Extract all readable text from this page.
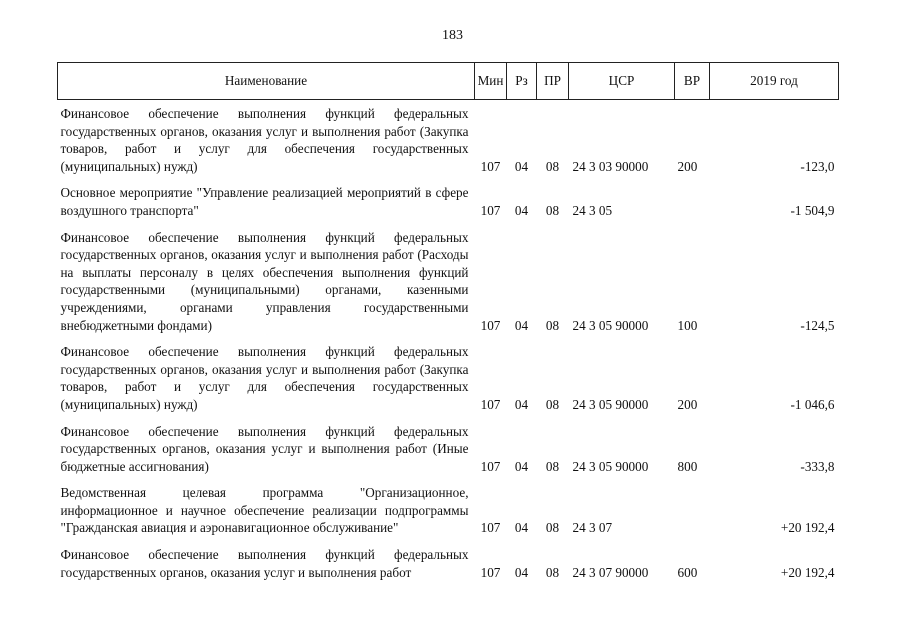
183
Наименование	Мин	Рз	ПР	ЦСР	ВР	2019 год
Финансовое обеспечение выполнения функций федеральных государственных органов, оказания услуг и выполнения работ (Закупка товаров, работ и услуг для обеспечения государственных (муниципальных) нужд)	107	04	08	24 3 03 90000	200	-123,0
Основное мероприятие "Управление реализацией мероприятий в сфере воздушного транспорта"	107	04	08	24 3 05		-1 504,9
Финансовое обеспечение выполнения функций федеральных государственных органов, оказания услуг и выполнения работ (Расходы на выплаты персоналу в целях обеспечения выполнения функций государственными (муниципальными) органами, казенными учреждениями, органами управления государственными внебюджетными фондами)	107	04	08	24 3 05 90000	100	-124,5
Финансовое обеспечение выполнения функций федеральных государственных органов, оказания услуг и выполнения работ (Закупка товаров, работ и услуг для обеспечения государственных (муниципальных) нужд)	107	04	08	24 3 05 90000	200	-1 046,6
Финансовое обеспечение выполнения функций федеральных государственных органов, оказания услуг и выполнения работ (Иные бюджетные ассигнования)	107	04	08	24 3 05 90000	800	-333,8
Ведомственная целевая программа "Организационное, информационное и научное обеспечение реализации подпрограммы "Гражданская авиация и аэронавигационное обслуживание"	107	04	08	24 3 07		+20 192,4
Финансовое обеспечение выполнения функций федеральных государственных органов, оказания услуг и выполнения работ	107	04	08	24 3 07 90000	600	+20 192,4
